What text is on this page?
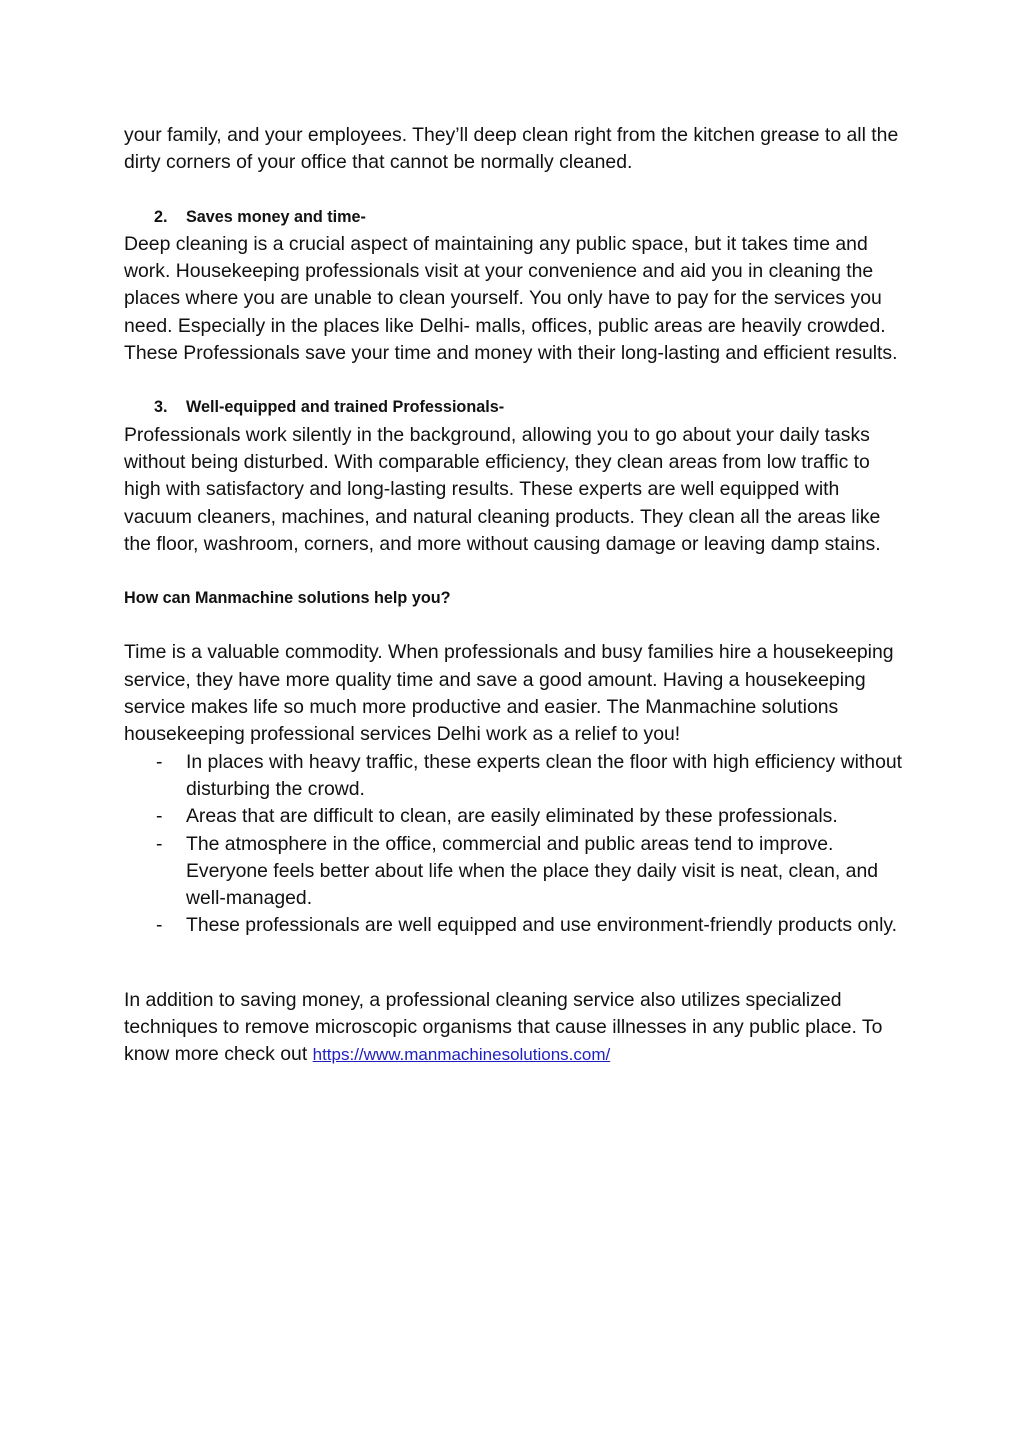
your family, and your employees. They’ll deep clean right from the kitchen grease to all the dirty corners of your office that cannot be normally cleaned.

2. Saves money and time-

Deep cleaning is a crucial aspect of maintaining any public space, but it takes time and work. Housekeeping professionals visit at your convenience and aid you in cleaning the places where you are unable to clean yourself. You only have to pay for the services you need. Especially in the places like Delhi- malls, offices, public areas are heavily crowded. These Professionals save your time and money with their long-lasting and efficient results.

3. Well-equipped and trained Professionals-

Professionals work silently in the background, allowing you to go about your daily tasks without being disturbed. With comparable efficiency, they clean areas from low traffic to high with satisfactory and long-lasting results. These experts are well equipped with vacuum cleaners, machines, and natural cleaning products. They clean all the areas like the floor, washroom, corners, and more without causing damage or leaving damp stains.

How can Manmachine solutions help you?

Time is a valuable commodity. When professionals and busy families hire a housekeeping service, they have more quality time and save a good amount. Having a housekeeping service makes life so much more productive and easier. The Manmachine solutions housekeeping professional services Delhi work as a relief to you!

- In places with heavy traffic, these experts clean the floor with high efficiency without disturbing the crowd.
- Areas that are difficult to clean, are easily eliminated by these professionals.
- The atmosphere in the office, commercial and public areas tend to improve. Everyone feels better about life when the place they daily visit is neat, clean, and well-managed.
- These professionals are well equipped and use environment-friendly products only.

In addition to saving money, a professional cleaning service also utilizes specialized techniques to remove microscopic organisms that cause illnesses in any public place. To know more check out https://www.manmachinesolutions.com/
